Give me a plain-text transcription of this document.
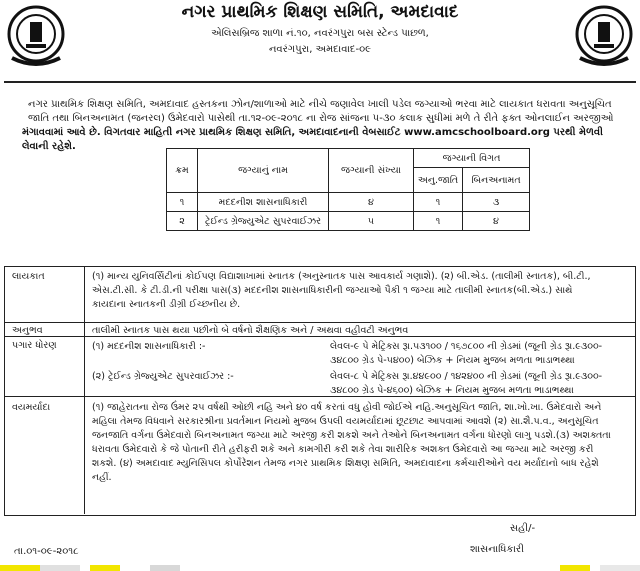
નગર પ્રાથમિક શિક્ષણ સમિતિ, અમદાવાદ
એલિસબ્રિજ શાળા નં.૧૦, નવરંગપુરા બસ સ્ટેન્ડ પાછળ,
નવરંગપુરા, અમદાવાદ-૦૯
નગર પ્રાથમિક શિક્ષણ સમિતિ, અમદાવાદ હસ્તકના ઝોન/શાળાઓ માટે નીચે જણાવેલ ખાલી પડેલ જગ્યાઓ ભરવા માટે લાયકાત ધરાવતા અનુસૂચિત
જાતિ તથા બિનઅનામત (જનરલ) ઉમેદવારો પાસેથી તા.૧૨-૦૯-૨૦૧૮ ના રોજ સાંજના ૫-૩૦ કલાક સુધીમાં મળે તે રીતે ફક્ત ઓનલાઈન અરજીઓ
મંગાવવામાં આવે છે. વિગતવાર માહિતી નગર પ્રાથમિક શિક્ષણ સમિતિ, અમદાવાદનાની વેબસાઈટ www.amcschoolboard.org પરથી મેળવી લેવાની રહેશે.
ક્રમ	જગ્યાનું નામ	જગ્યાની સંખ્યા	જગ્યાની વિગત	
			અનુ.જાતિ	બિનઅનામત
૧	મદદનીશ શાસનાધિકારી	૪	૧	૩
૨	ટ્રેઈન્ડ ગ્રેજ્યુએટ સુપરવાઈઝર	૫	૧	૪
લાયકાત	(૧) માન્ય યુનિવર્સિટીનાં કોઈપણ વિદ્યાશાખામાં સ્નાતક (અનુસ્નાતક પાસ આવકાર્ય ગણાશે). (૨) બી.એડ. (તાલીમી સ્નાતક), બી.ટી.,
એસ.ટી.સી. કે ટી.ડી.ની પરીક્ષા પાસ(૩) મદદનીશ શાસનાધિકારીની જગ્યાઓ પૈકી ૧ જગ્યા માટે તાલીમી સ્નાતક(બી.એડ.) સાથે
કાયદાના સ્નાતકની ડીગ્રી ઈચ્છનીય છે.
અનુભવ	તાલીમી સ્નાતક પાસ થયા પછીનો બે વર્ષનો શૈક્ષણિક અને / અથવા વહીવટી અનુભવ
પગાર ધોરણ	(૧) મદદનીશ શાસનાધિકારી :-	લેવલ-૯ પે મેટ્રિક્સ રૂા.૫૩૧૦૦ / ૧૬૭૮૦૦ ની ગ્રેડમાં (જૂની ગ્રેડ રૂા.૯૩૦૦-
૩૪૮૦૦ ગ્રેડ પે-૫૪૦૦) બેઝિક + નિયમ મુજબ મળતા ભાડાભથ્થા
(૨) ટ્રેઈન્ડ ગ્રેજ્યુએટ સુપરવાઈઝર :-	લેવલ-૮ પે મેટ્રિક્સ રૂા.૪૪૯૦૦ / ૧૪૨૪૦૦ ની ગ્રેડમાં (જૂની ગ્રેડ રૂા.૯૩૦૦-
૩૪૮૦૦ ગ્રેડ પે-૪૬૦૦) બેઝિક + નિયમ મુજબ મળતા ભાડાભથ્થા
વયમર્યાદા	(૧) જાહેરાતના રોજ ઉંમર ૨૫ વર્ષથી ઓછી નહિ અને ૪૦ વર્ષ કરતાં વધુ હોવી જોઈએ નહિ.અનુસૂચિત જાતિ, શા.ખો.ખા. ઉમેદવારો અને
મહિલા તેમજ વિધવાને સરકારશ્રીના પ્રવર્તમાન નિયમો મુજબ ઉપલી વયમર્યાદામાં છૂટછાટ આપવામાં આવશે (૨) સા.શૈ.પ.વ., અનુસૂચિત
જનજાતિ વર્ગના ઉમેદવારો બિનઅનામત જગ્યા માટે અરજી કરી શકશે અને તેઓને બિનઅનામત વર્ગના ધોરણો લાગુ પડશે.(૩) અશક્તતા
ધરાવતા ઉમેદવારો કે જે પોતાની રીતે હરીફરી શકે અને કામગીરી કરી શકે તેવા શારીરિક અશક્ત ઉમેદવારો આ જગ્યા માટે અરજી કરી
શકશે. (૪) અમદાવાદ મ્યુનિસિપલ કોર્પોરેશન તેમજ નગર પ્રાથમિક શિક્ષણ સમિતિ, અમદાવાદના કર્મચારીઓને વય મર્યાદાનો બાધ રહેશે
નહીં.
સહી/-
શાસનાધિકારી
તા.૦૧-૦૯-૨૦૧૮
